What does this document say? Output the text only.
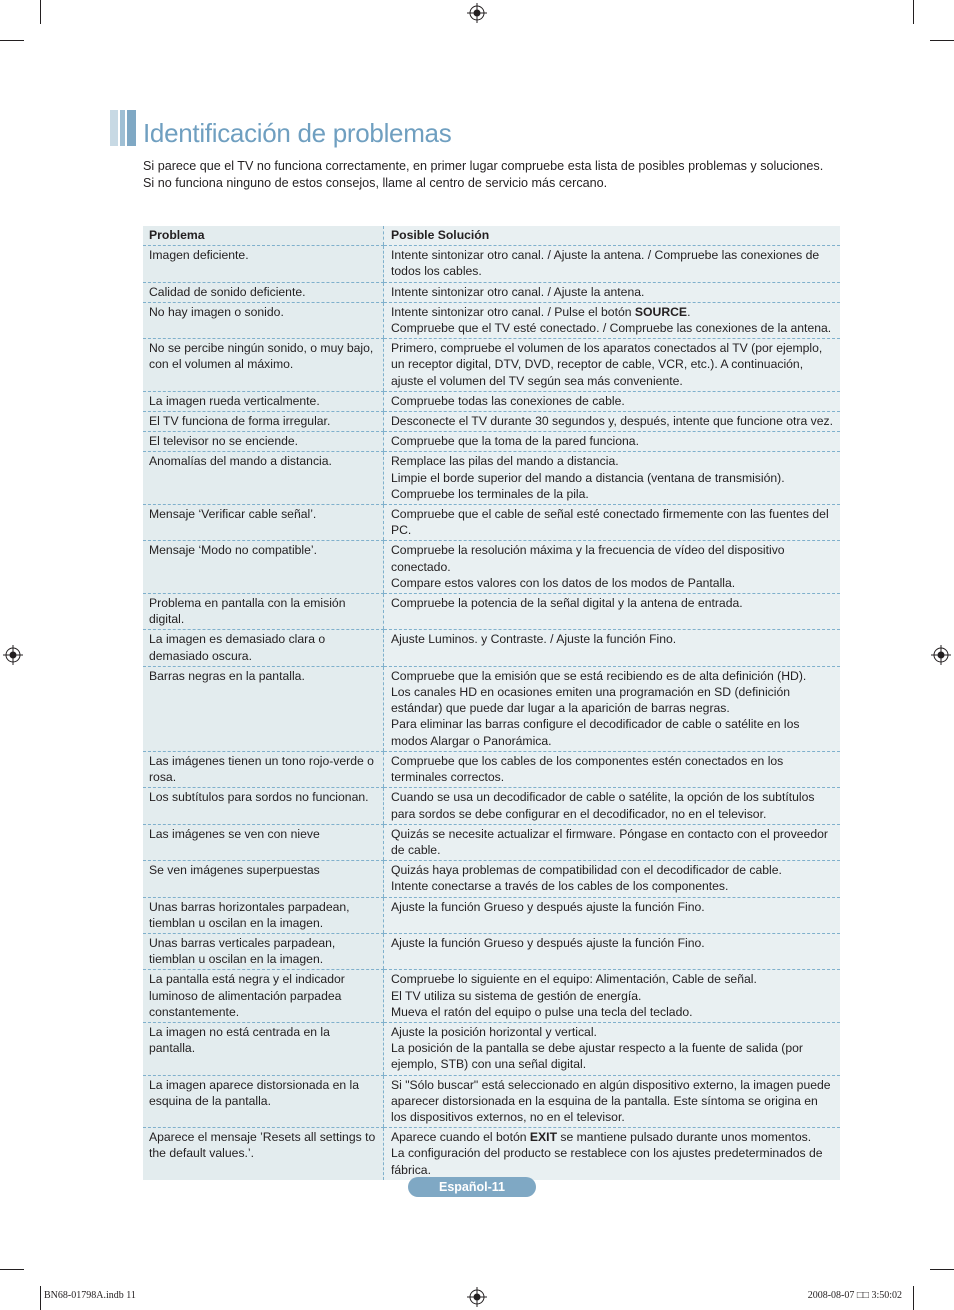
Identificación de problemas

Si parece que el TV no funciona correctamente, en primer lugar compruebe esta lista de posibles problemas y soluciones.

Si no funciona ninguno de estos consejos, llame al centro de servicio más cercano.

Problema	Posible Solución
Imagen deficiente.	Intente sintonizar otro canal. / Ajuste la antena. / Compruebe las conexiones de todos los cables.

Calidad de sonido deficiente.	Intente sintonizar otro canal. / Ajuste la antena.

No hay imagen o sonido.	Intente sintonizar otro canal. / Pulse el botón SOURCE.
Compruebe que el TV esté conectado. / Compruebe las conexiones de la antena.

No se percibe ningún sonido, o muy bajo, con el volumen al máximo.	Primero, compruebe el volumen de los aparatos conectados al TV (por ejemplo, un receptor digital, DTV, DVD, receptor de cable, VCR, etc.). A continuación, ajuste el volumen del TV según sea más conveniente.

La imagen rueda verticalmente.	Compruebe todas las conexiones de cable.

El TV funciona de forma irregular.	Desconecte el TV durante 30 segundos y, después, intente que funcione otra vez.

El televisor no se enciende.	Compruebe que la toma de la pared funciona.

Anomalías del mando a distancia.	Remplace las pilas del mando a distancia.
Limpie el borde superior del mando a distancia (ventana de transmisión).
Compruebe los terminales de la pila.

Mensaje ‘Verificar cable señal’.	Compruebe que el cable de señal esté conectado firmemente con las fuentes del PC.

Mensaje ‘Modo no compatible’.	Compruebe la resolución máxima y la frecuencia de vídeo del dispositivo conectado.
Compare estos valores con los datos de los modos de Pantalla.

Problema en pantalla con la emisión digital.	Compruebe la potencia de la señal digital y la antena de entrada.

La imagen es demasiado clara o demasiado oscura.	Ajuste Luminos. y Contraste. / Ajuste la función Fino.

Barras negras en la pantalla.	Compruebe que la emisión que se está recibiendo es de alta definición (HD).
Los canales HD en ocasiones emiten una programación en SD (definición estándar) que puede dar lugar a la aparición de barras negras.
Para eliminar las barras configure el decodificador de cable o satélite en los modos Alargar o Panorámica.

Las imágenes tienen un tono rojo-verde o rosa.	Compruebe que los cables de los componentes estén conectados en los terminales correctos.

Los subtítulos para sordos no funcionan.	Cuando se usa un decodificador de cable o satélite, la opción de los subtítulos para sordos se debe configurar en el decodificador, no en el televisor.

Las imágenes se ven con nieve	Quizás se necesite actualizar el firmware. Póngase en contacto con el proveedor de cable.

Se ven imágenes superpuestas	Quizás haya problemas de compatibilidad con el decodificador de cable.
Intente conectarse a través de los cables de los componentes.

Unas barras horizontales parpadean, tiemblan u oscilan en la imagen.	Ajuste la función Grueso y después ajuste la función Fino.

Unas barras verticales parpadean, tiemblan u oscilan en la imagen.	Ajuste la función Grueso y después ajuste la función Fino.

La pantalla está negra y el indicador luminoso de alimentación parpadea constantemente.	Compruebe lo siguiente en el equipo: Alimentación, Cable de señal.
El TV utiliza su sistema de gestión de energía.
Mueva el ratón del equipo o pulse una tecla del teclado.

La imagen no está centrada en la pantalla.	Ajuste la posición horizontal y vertical.
La posición de la pantalla se debe ajustar respecto a la fuente de salida (por ejemplo, STB) con una señal digital.

La imagen aparece distorsionada en la esquina de la pantalla.	Si "Sólo buscar" está seleccionado en algún dispositivo externo, la imagen puede aparecer distorsionada en la esquina de la pantalla. Este síntoma se origina en los dispositivos externos, no en el televisor.

Aparece el mensaje ’Resets all settings to the default values.’.	Aparece cuando el botón EXIT se mantiene pulsado durante unos momentos.
La configuración del producto se restablece con los ajustes predeterminados de fábrica.
Español-11
BN68-01798A.indb 11	2008-08-07 □□ 3:50:02
